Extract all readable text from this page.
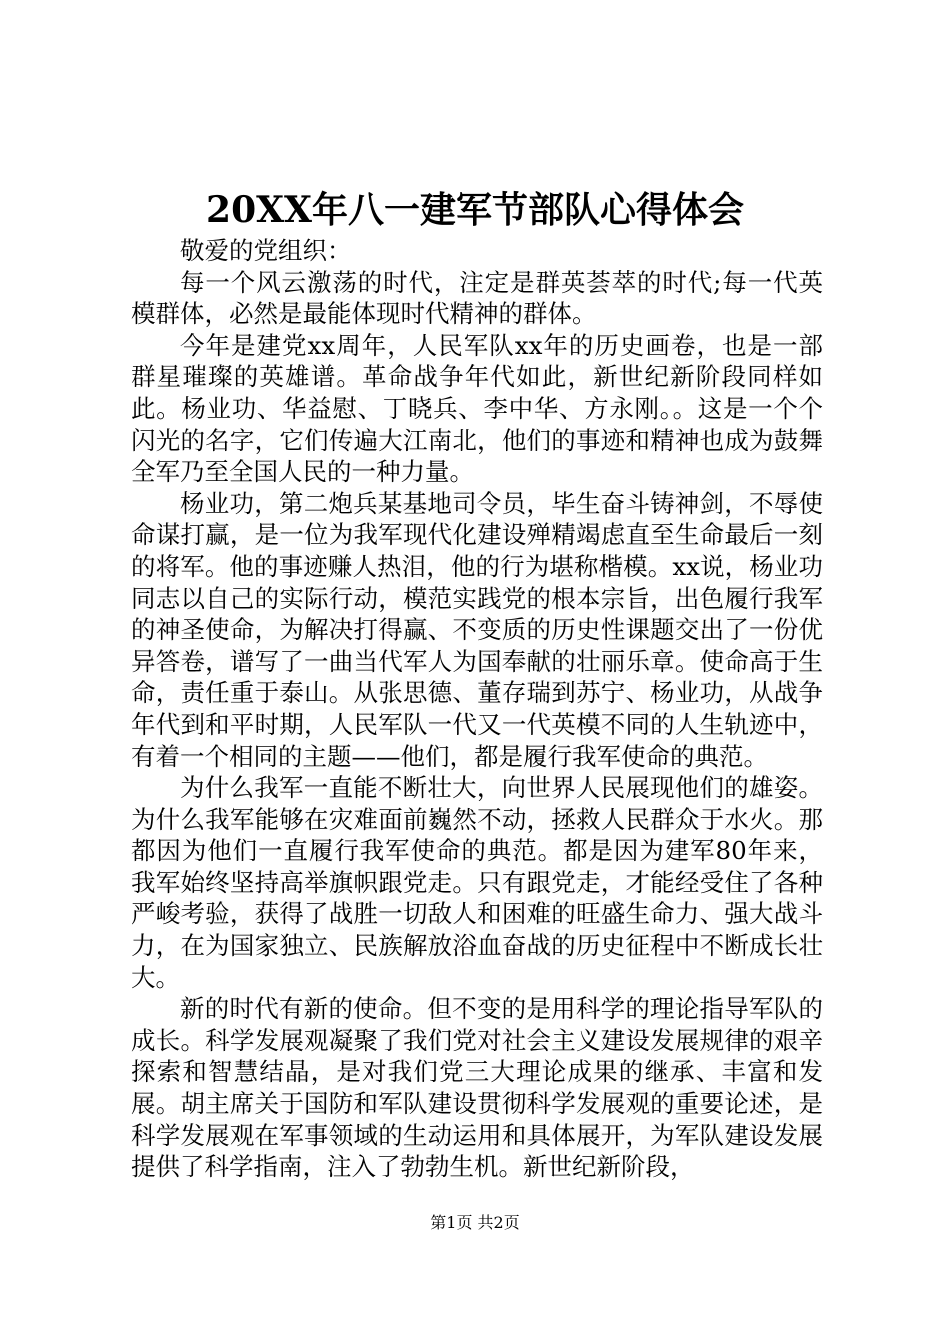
20XX年八一建军节部队心得体会

敬爱的党组织：

每一个风云激荡的时代，注定是群英荟萃的时代;每一代英模群体，必然是最能体现时代精神的群体。

今年是建党xx周年，人民军队xx年的历史画卷，也是一部群星璀璨的英雄谱。革命战争年代如此，新世纪新阶段同样如此。杨业功、华益慰、丁晓兵、李中华、方永刚。。这是一个个闪光的名字，它们传遍大江南北，他们的事迹和精神也成为鼓舞全军乃至全国人民的一种力量。

杨业功，第二炮兵某基地司令员，毕生奋斗铸神剑，不辱使命谋打赢，是一位为我军现代化建设殚精竭虑直至生命最后一刻的将军。他的事迹赚人热泪，他的行为堪称楷模。xx说，杨业功同志以自己的实际行动，模范实践党的根本宗旨，出色履行我军的神圣使命，为解决打得赢、不变质的历史性课题交出了一份优异答卷，谱写了一曲当代军人为国奉献的壮丽乐章。使命高于生命，责任重于泰山。从张思德、董存瑞到苏宁、杨业功，从战争年代到和平时期，人民军队一代又一代英模不同的人生轨迹中，有着一个相同的主题——他们，都是履行我军使命的典范。

为什么我军一直能不断壮大，向世界人民展现他们的雄姿。为什么我军能够在灾难面前巍然不动，拯救人民群众于水火。那都因为他们一直履行我军使命的典范。都是因为建军80年来，我军始终坚持高举旗帜跟党走。只有跟党走，才能经受住了各种严峻考验，获得了战胜一切敌人和困难的旺盛生命力、强大战斗力，在为国家独立、民族解放浴血奋战的历史征程中不断成长壮大。

新的时代有新的使命。但不变的是用科学的理论指导军队的成长。科学发展观凝聚了我们党对社会主义建设发展规律的艰辛探索和智慧结晶，是对我们党三大理论成果的继承、丰富和发展。胡主席关于国防和军队建设贯彻科学发展观的重要论述，是科学发展观在军事领域的生动运用和具体展开，为军队建设发展提供了科学指南，注入了勃勃生机。新世纪新阶段，

第1页 共2页
